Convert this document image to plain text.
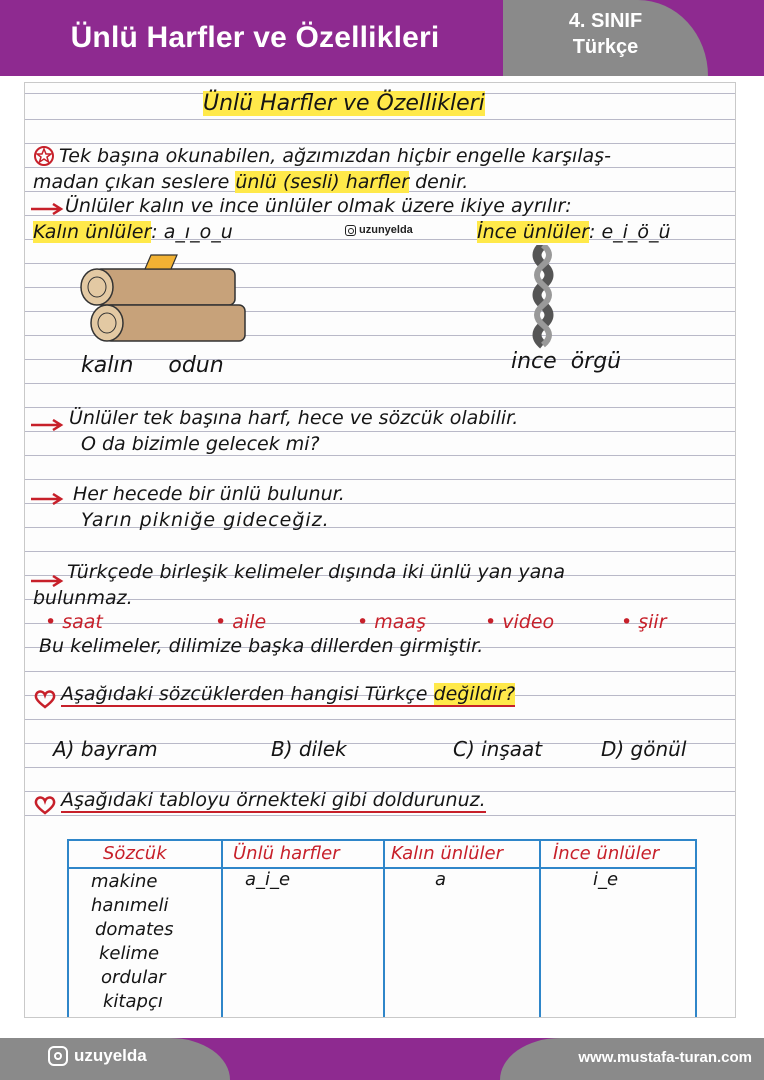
Ünlü Harfler ve Özellikleri	4. SINIF
Türkçe
Ünlü Harfler ve Özellikleri
Tek başına okunabilen, ağzımızdan hiçbir engelle karşılaş-
madan çıkan seslere ünlü (sesli) harfler denir.
Ünlüler kalın ve ince ünlüler olmak üzere ikiye ayrılır:
Kalın ünlüler: a_ı_o_u	uzunyelda	İnce ünlüler: e_i_ö_ü
kalın odun	ince örgü
Ünlüler tek başına harf, hece ve sözcük olabilir.
O da bizimle gelecek mi?
Her hecede bir ünlü bulunur.
Yarın pikniğe gideceğiz.
Türkçede birleşik kelimeler dışında iki ünlü yan yana
bulunmaz.
• saat	• aile	• maaş	• video	• şiir
Bu kelimeler, dilimize başka dillerden girmiştir.
Aşağıdaki sözcüklerden hangisi Türkçe değildir?
A) bayram	B) dilek	C) inşaat	D) gönül
Aşağıdaki tabloyu örnekteki gibi doldurunuz.
Sözcük	Ünlü harfler	Kalın ünlüler	İnce ünlüler
makine	a_i_e	a	i_e
hanımeli
domates
kelime
ordular
kitapçı
uzuyelda	www.mustafa-turan.com
